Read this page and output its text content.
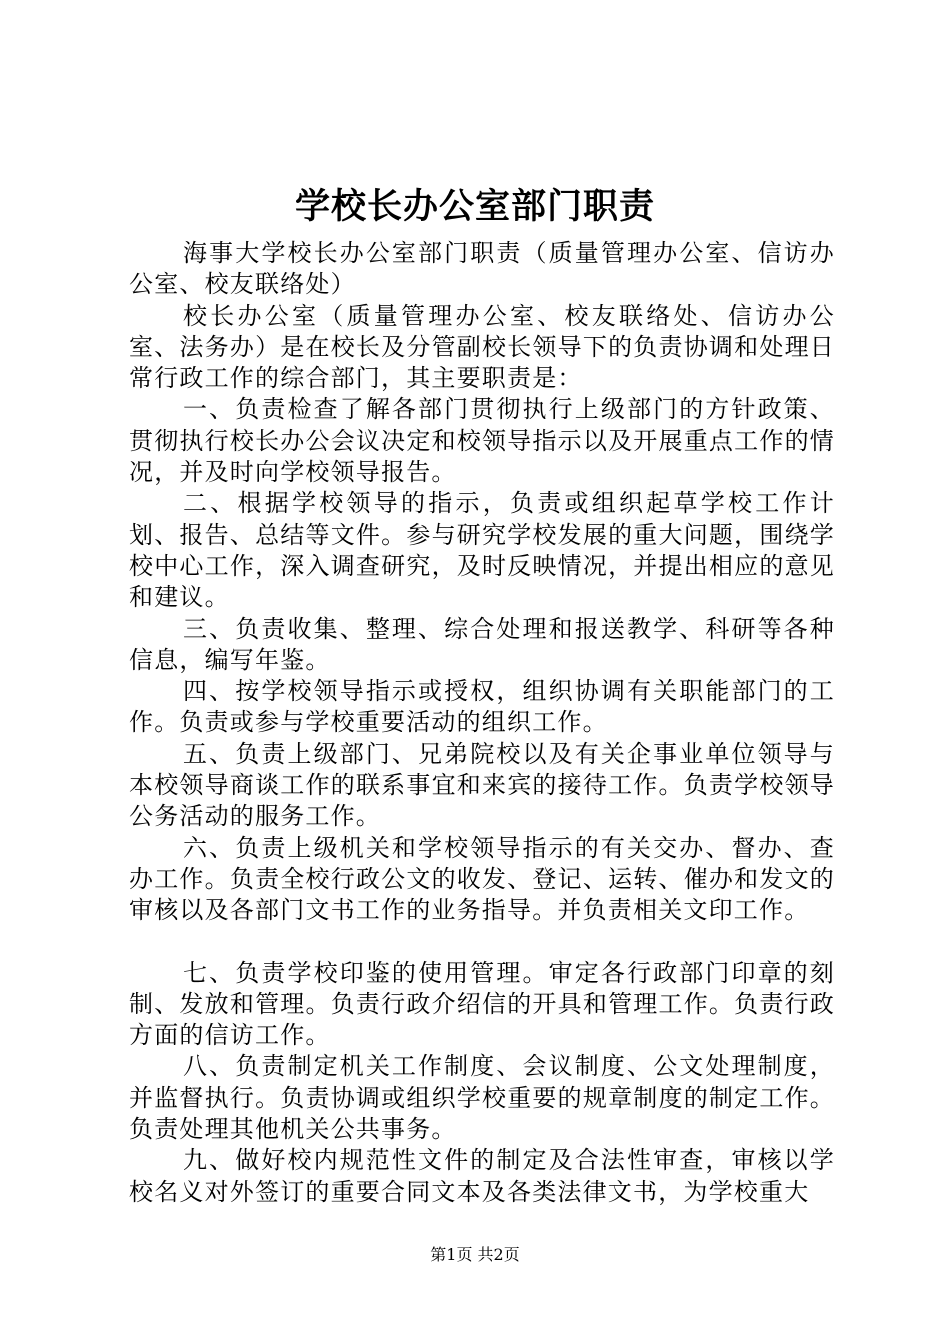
学校长办公室部门职责

海事大学校长办公室部门职责（质量管理办公室、信访办公室、校友联络处）

校长办公室（质量管理办公室、校友联络处、信访办公室、法务办）是在校长及分管副校长领导下的负责协调和处理日常行政工作的综合部门，其主要职责是：

一、负责检查了解各部门贯彻执行上级部门的方针政策、贯彻执行校长办公会议决定和校领导指示以及开展重点工作的情况，并及时向学校领导报告。

二、根据学校领导的指示，负责或组织起草学校工作计划、报告、总结等文件。参与研究学校发展的重大问题，围绕学校中心工作，深入调查研究，及时反映情况，并提出相应的意见和建议。

三、负责收集、整理、综合处理和报送教学、科研等各种信息，编写年鉴。

四、按学校领导指示或授权，组织协调有关职能部门的工作。负责或参与学校重要活动的组织工作。

五、负责上级部门、兄弟院校以及有关企事业单位领导与本校领导商谈工作的联系事宜和来宾的接待工作。负责学校领导公务活动的服务工作。

六、负责上级机关和学校领导指示的有关交办、督办、查办工作。负责全校行政公文的收发、登记、运转、催办和发文的审核以及各部门文书工作的业务指导。并负责相关文印工作。

七、负责学校印鉴的使用管理。审定各行政部门印章的刻制、发放和管理。负责行政介绍信的开具和管理工作。负责行政方面的信访工作。

八、负责制定机关工作制度、会议制度、公文处理制度，并监督执行。负责协调或组织学校重要的规章制度的制定工作。负责处理其他机关公共事务。

九、做好校内规范性文件的制定及合法性审查，审核以学校名义对外签订的重要合同文本及各类法律文书，为学校重大

第1页 共2页
